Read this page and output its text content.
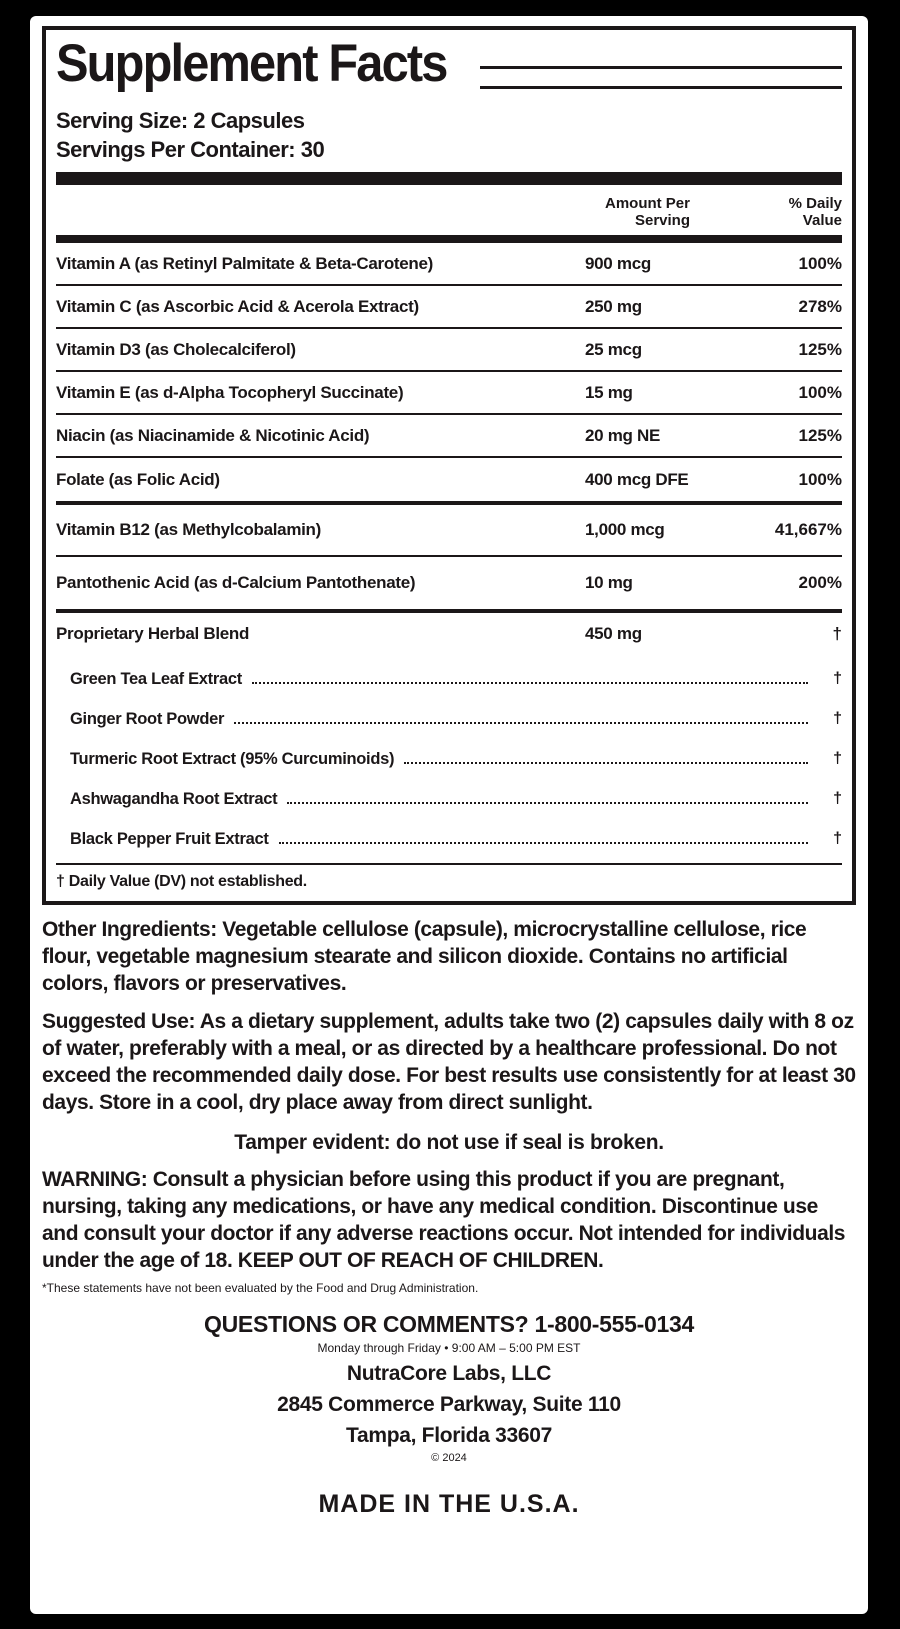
Supplement Facts
Serving Size: 2 Capsules
Servings Per Container: 30
Amount Per
Serving
% Daily
Value
Vitamin A (as Retinyl Palmitate & Beta-Carotene)	900 mcg	100%
Vitamin C (as Ascorbic Acid & Acerola Extract)	250 mg	278%
Vitamin D3 (as Cholecalciferol)	25 mcg	125%
Vitamin E (as d-Alpha Tocopheryl Succinate)	15 mg	100%
Niacin (as Niacinamide & Nicotinic Acid)	20 mg NE	125%
Folate (as Folic Acid)	400 mcg DFE	100%
Vitamin B12 (as Methylcobalamin)	1,000 mcg	41,667%
Pantothenic Acid (as d-Calcium Pantothenate)	10 mg	200%
Proprietary Herbal Blend	450 mg	†
Green Tea Leaf Extract	†
Ginger Root Powder	†
Turmeric Root Extract (95% Curcuminoids)	†
Ashwagandha Root Extract	†
Black Pepper Fruit Extract	†
† Daily Value (DV) not established.
Other Ingredients: Vegetable cellulose (capsule), microcrystalline cellulose, rice flour, vegetable magnesium stearate and silicon dioxide. Contains no artificial colors, flavors or preservatives.
Suggested Use: As a dietary supplement, adults take two (2) capsules daily with 8 oz of water, preferably with a meal, or as directed by a healthcare professional. Do not exceed the recommended daily dose. For best results use consistently for at least 30 days. Store in a cool, dry place away from direct sunlight.
Tamper evident: do not use if seal is broken.
WARNING: Consult a physician before using this product if you are pregnant, nursing, taking any medications, or have any medical condition. Discontinue use and consult your doctor if any adverse reactions occur. Not intended for individuals under the age of 18. KEEP OUT OF REACH OF CHILDREN.
*These statements have not been evaluated by the Food and Drug Administration.
QUESTIONS OR COMMENTS? 1-800-555-0134
Monday through Friday • 9:00 AM – 5:00 PM EST
NutraCore Labs, LLC
2845 Commerce Parkway, Suite 110
Tampa, Florida 33607
© 2024
MADE IN THE U.S.A.
